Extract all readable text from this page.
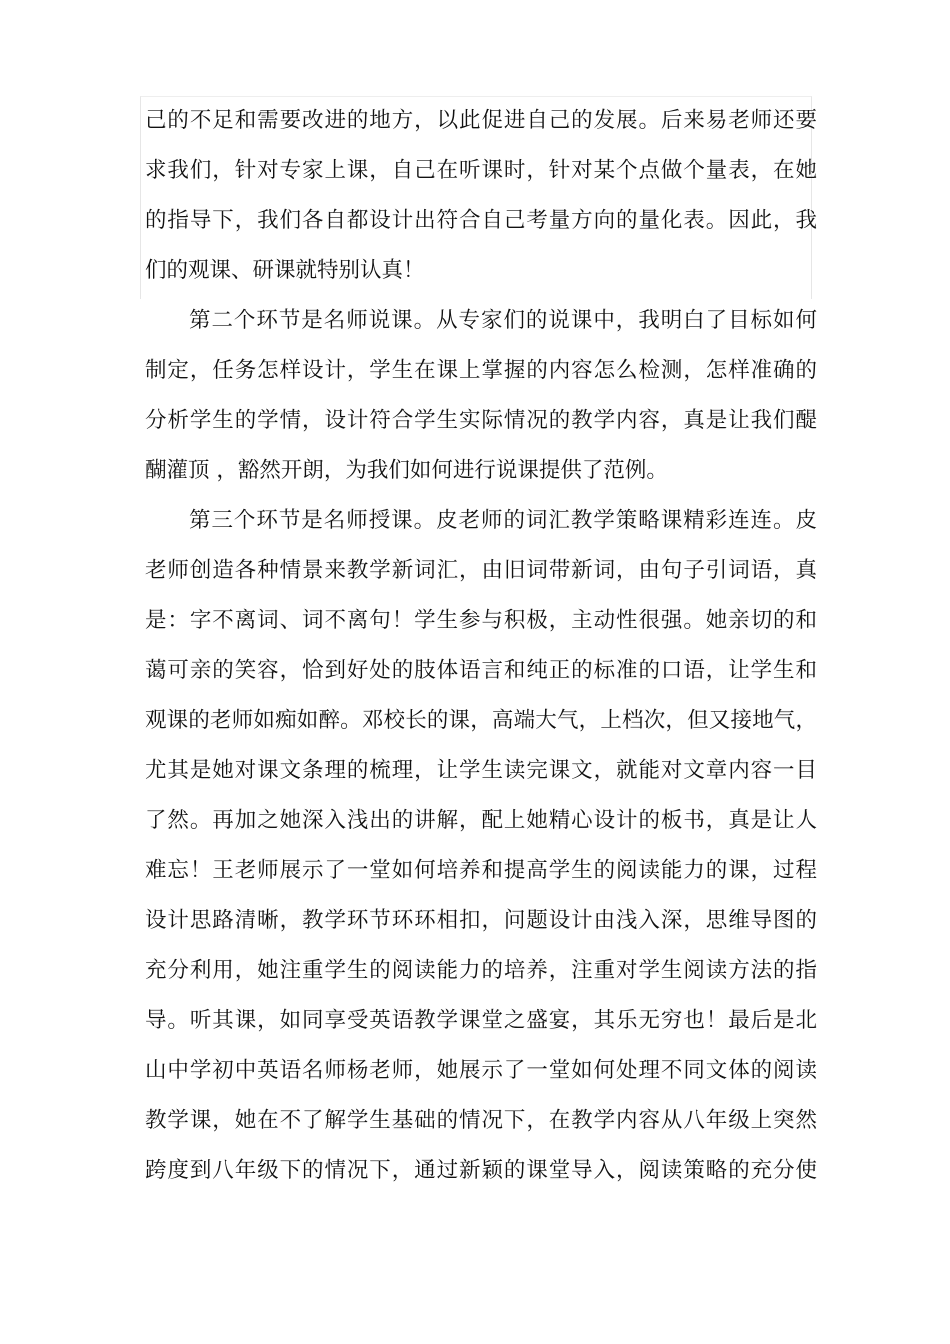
己的不足和需要改进的地方，以此促进自己的发展。后来易老师还要
求我们，针对专家上课，自己在听课时，针对某个点做个量表，在她
的指导下，我们各自都设计出符合自己考量方向的量化表。因此，我
们的观课、研课就特别认真！
第二个环节是名师说课。从专家们的说课中，我明白了目标如何
制定，任务怎样设计，学生在课上掌握的内容怎么检测，怎样准确的
分析学生的学情，设计符合学生实际情况的教学内容，真是让我们醍
醐灌顶 ，豁然开朗，为我们如何进行说课提供了范例。
第三个环节是名师授课。皮老师的词汇教学策略课精彩连连。皮
老师创造各种情景来教学新词汇，由旧词带新词，由句子引词语，真
是：字不离词、词不离句！学生参与积极，主动性很强。她亲切的和
蔼可亲的笑容，恰到好处的肢体语言和纯正的标准的口语，让学生和
观课的老师如痴如醉。邓校长的课，高端大气，上档次，但又接地气，
尤其是她对课文条理的梳理，让学生读完课文，就能对文章内容一目
了然。再加之她深入浅出的讲解，配上她精心设计的板书，真是让人
难忘！王老师展示了一堂如何培养和提高学生的阅读能力的课，过程
设计思路清晰，教学环节环环相扣，问题设计由浅入深，思维导图的
充分利用，她注重学生的阅读能力的培养，注重对学生阅读方法的指
导。听其课，如同享受英语教学课堂之盛宴，其乐无穷也！最后是北
山中学初中英语名师杨老师，她展示了一堂如何处理不同文体的阅读
教学课，她在不了解学生基础的情况下，在教学内容从八年级上突然
跨度到八年级下的情况下，通过新颖的课堂导入，阅读策略的充分使
